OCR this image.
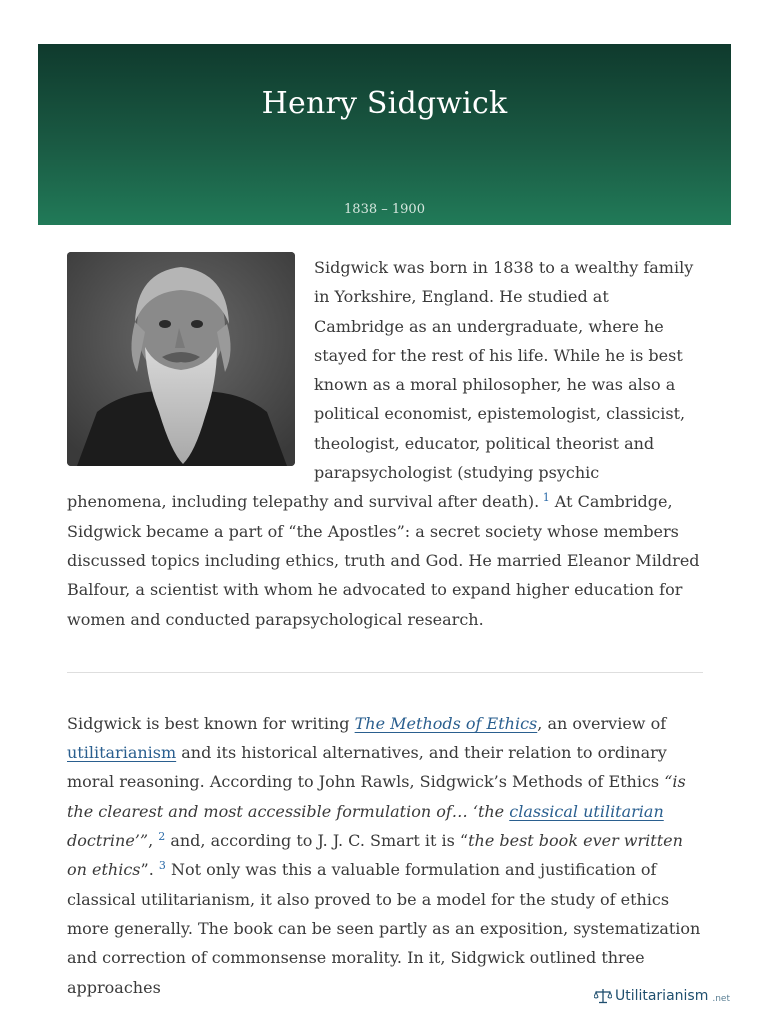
Henry Sidgwick
1838 – 1900

Sidgwick was born in 1838 to a wealthy family in Yorkshire, England. He studied at Cambridge as an undergraduate, where he stayed for the rest of his life. While he is best known as a moral philosopher, he was also a political economist, epistemologist, classicist, theologist, educator, political theorist and parapsychologist (studying psychic phenomena, including telepathy and survival after death). $^1$ At Cambridge, Sidgwick became a part of “the Apostles”: a secret society whose members discussed topics including ethics, truth and God. He married Eleanor Mildred Balfour, a scientist with whom he advocated to expand higher education for women and conducted parapsychological research.

Sidgwick is best known for writing The Methods of Ethics, an overview of utilitarianism and its historical alternatives, and their relation to ordinary moral reasoning. According to John Rawls, Sidgwick’s Methods of Ethics “is the clearest and most accessible formulation of… ‘the classical utilitarian doctrine’”, $^2$ and, according to J. J. C. Smart it is “the best book ever written on ethics”. $^3$ Not only was this a valuable formulation and justification of classical utilitarianism, it also proved to be a model for the study of ethics more generally. The book can be seen partly as an exposition, systematization and correction of commonsense morality. In it, Sidgwick outlined three approaches	Utilitarianism .net
